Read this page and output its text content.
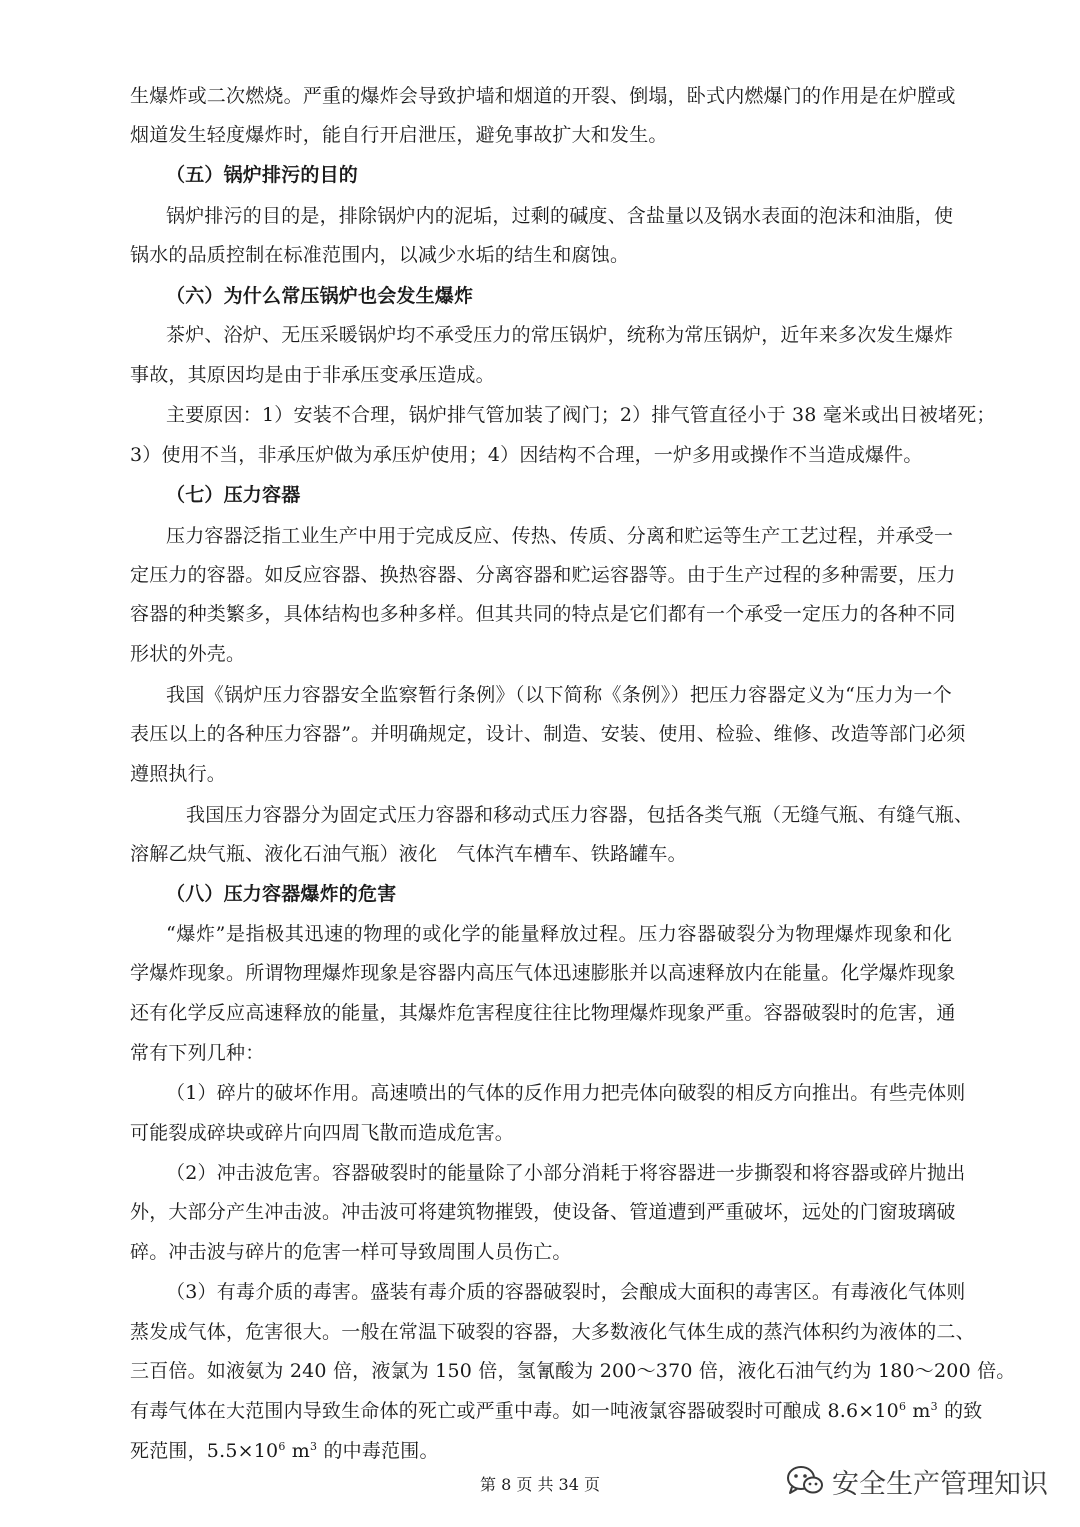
生爆炸或二次燃烧。严重的爆炸会导致护墙和烟道的开裂、倒塌，卧式内燃爆门的作用是在炉膛或
烟道发生轻度爆炸时，能自行开启泄压，避免事故扩大和发生。
（五）锅炉排污的目的
锅炉排污的目的是，排除锅炉内的泥垢，过剩的碱度、含盐量以及锅水表面的泡沫和油脂，使
锅水的品质控制在标准范围内，以减少水垢的结生和腐蚀。
（六）为什么常压锅炉也会发生爆炸
茶炉、浴炉、无压采暖锅炉均不承受压力的常压锅炉，统称为常压锅炉，近年来多次发生爆炸
事故，其原因均是由于非承压变承压造成。
主要原因：1）安装不合理，锅炉排气管加装了阀门；2）排气管直径小于 38 毫米或出日被堵死；
3）使用不当，非承压炉做为承压炉使用；4）因结构不合理，一炉多用或操作不当造成爆件。
（七）压力容器
压力容器泛指工业生产中用于完成反应、传热、传质、分离和贮运等生产工艺过程，并承受一
定压力的容器。如反应容器、换热容器、分离容器和贮运容器等。由于生产过程的多种需要，压力
容器的种类繁多，具体结构也多种多样。但其共同的特点是它们都有一个承受一定压力的各种不同
形状的外壳。
我国《锅炉压力容器安全监察暂行条例》（以下简称《条例》）把压力容器定义为“压力为一个
表压以上的各种压力容器”。并明确规定，设计、制造、安装、使用、检验、维修、改造等部门必须
遵照执行。
我国压力容器分为固定式压力容器和移动式压力容器，包括各类气瓶（无缝气瓶、有缝气瓶、
溶解乙炔气瓶、液化石油气瓶）液化　气体汽车槽车、铁路罐车。
（八）压力容器爆炸的危害
“爆炸”是指极其迅速的物理的或化学的能量释放过程。压力容器破裂分为物理爆炸现象和化
学爆炸现象。所谓物理爆炸现象是容器内高压气体迅速膨胀并以高速释放内在能量。化学爆炸现象
还有化学反应高速释放的能量，其爆炸危害程度往往比物理爆炸现象严重。容器破裂时的危害，通
常有下列几种：
（1）碎片的破坏作用。高速喷出的气体的反作用力把壳体向破裂的相反方向推出。有些壳体则
可能裂成碎块或碎片向四周飞散而造成危害。
（2）冲击波危害。容器破裂时的能量除了小部分消耗于将容器进一步撕裂和将容器或碎片抛出
外，大部分产生冲击波。冲击波可将建筑物摧毁，使设备、管道遭到严重破坏，远处的门窗玻璃破
碎。冲击波与碎片的危害一样可导致周围人员伤亡。
（3）有毒介质的毒害。盛装有毒介质的容器破裂时，会酿成大面积的毒害区。有毒液化气体则
蒸发成气体，危害很大。一般在常温下破裂的容器，大多数液化气体生成的蒸汽体积约为液体的二、
三百倍。如液氨为 240 倍，液氯为 150 倍，氢氰酸为 200～370 倍，液化石油气约为 180～200 倍。
有毒气体在大范围内导致生命体的死亡或严重中毒。如一吨液氯容器破裂时可酿成 $8.6\times 10^6$ $m^3$ 的致
死范围，$5.5\times 10^6$ $m^3$ 的中毒范围。
第 8 页 共 34 页	安全生产管理知识
